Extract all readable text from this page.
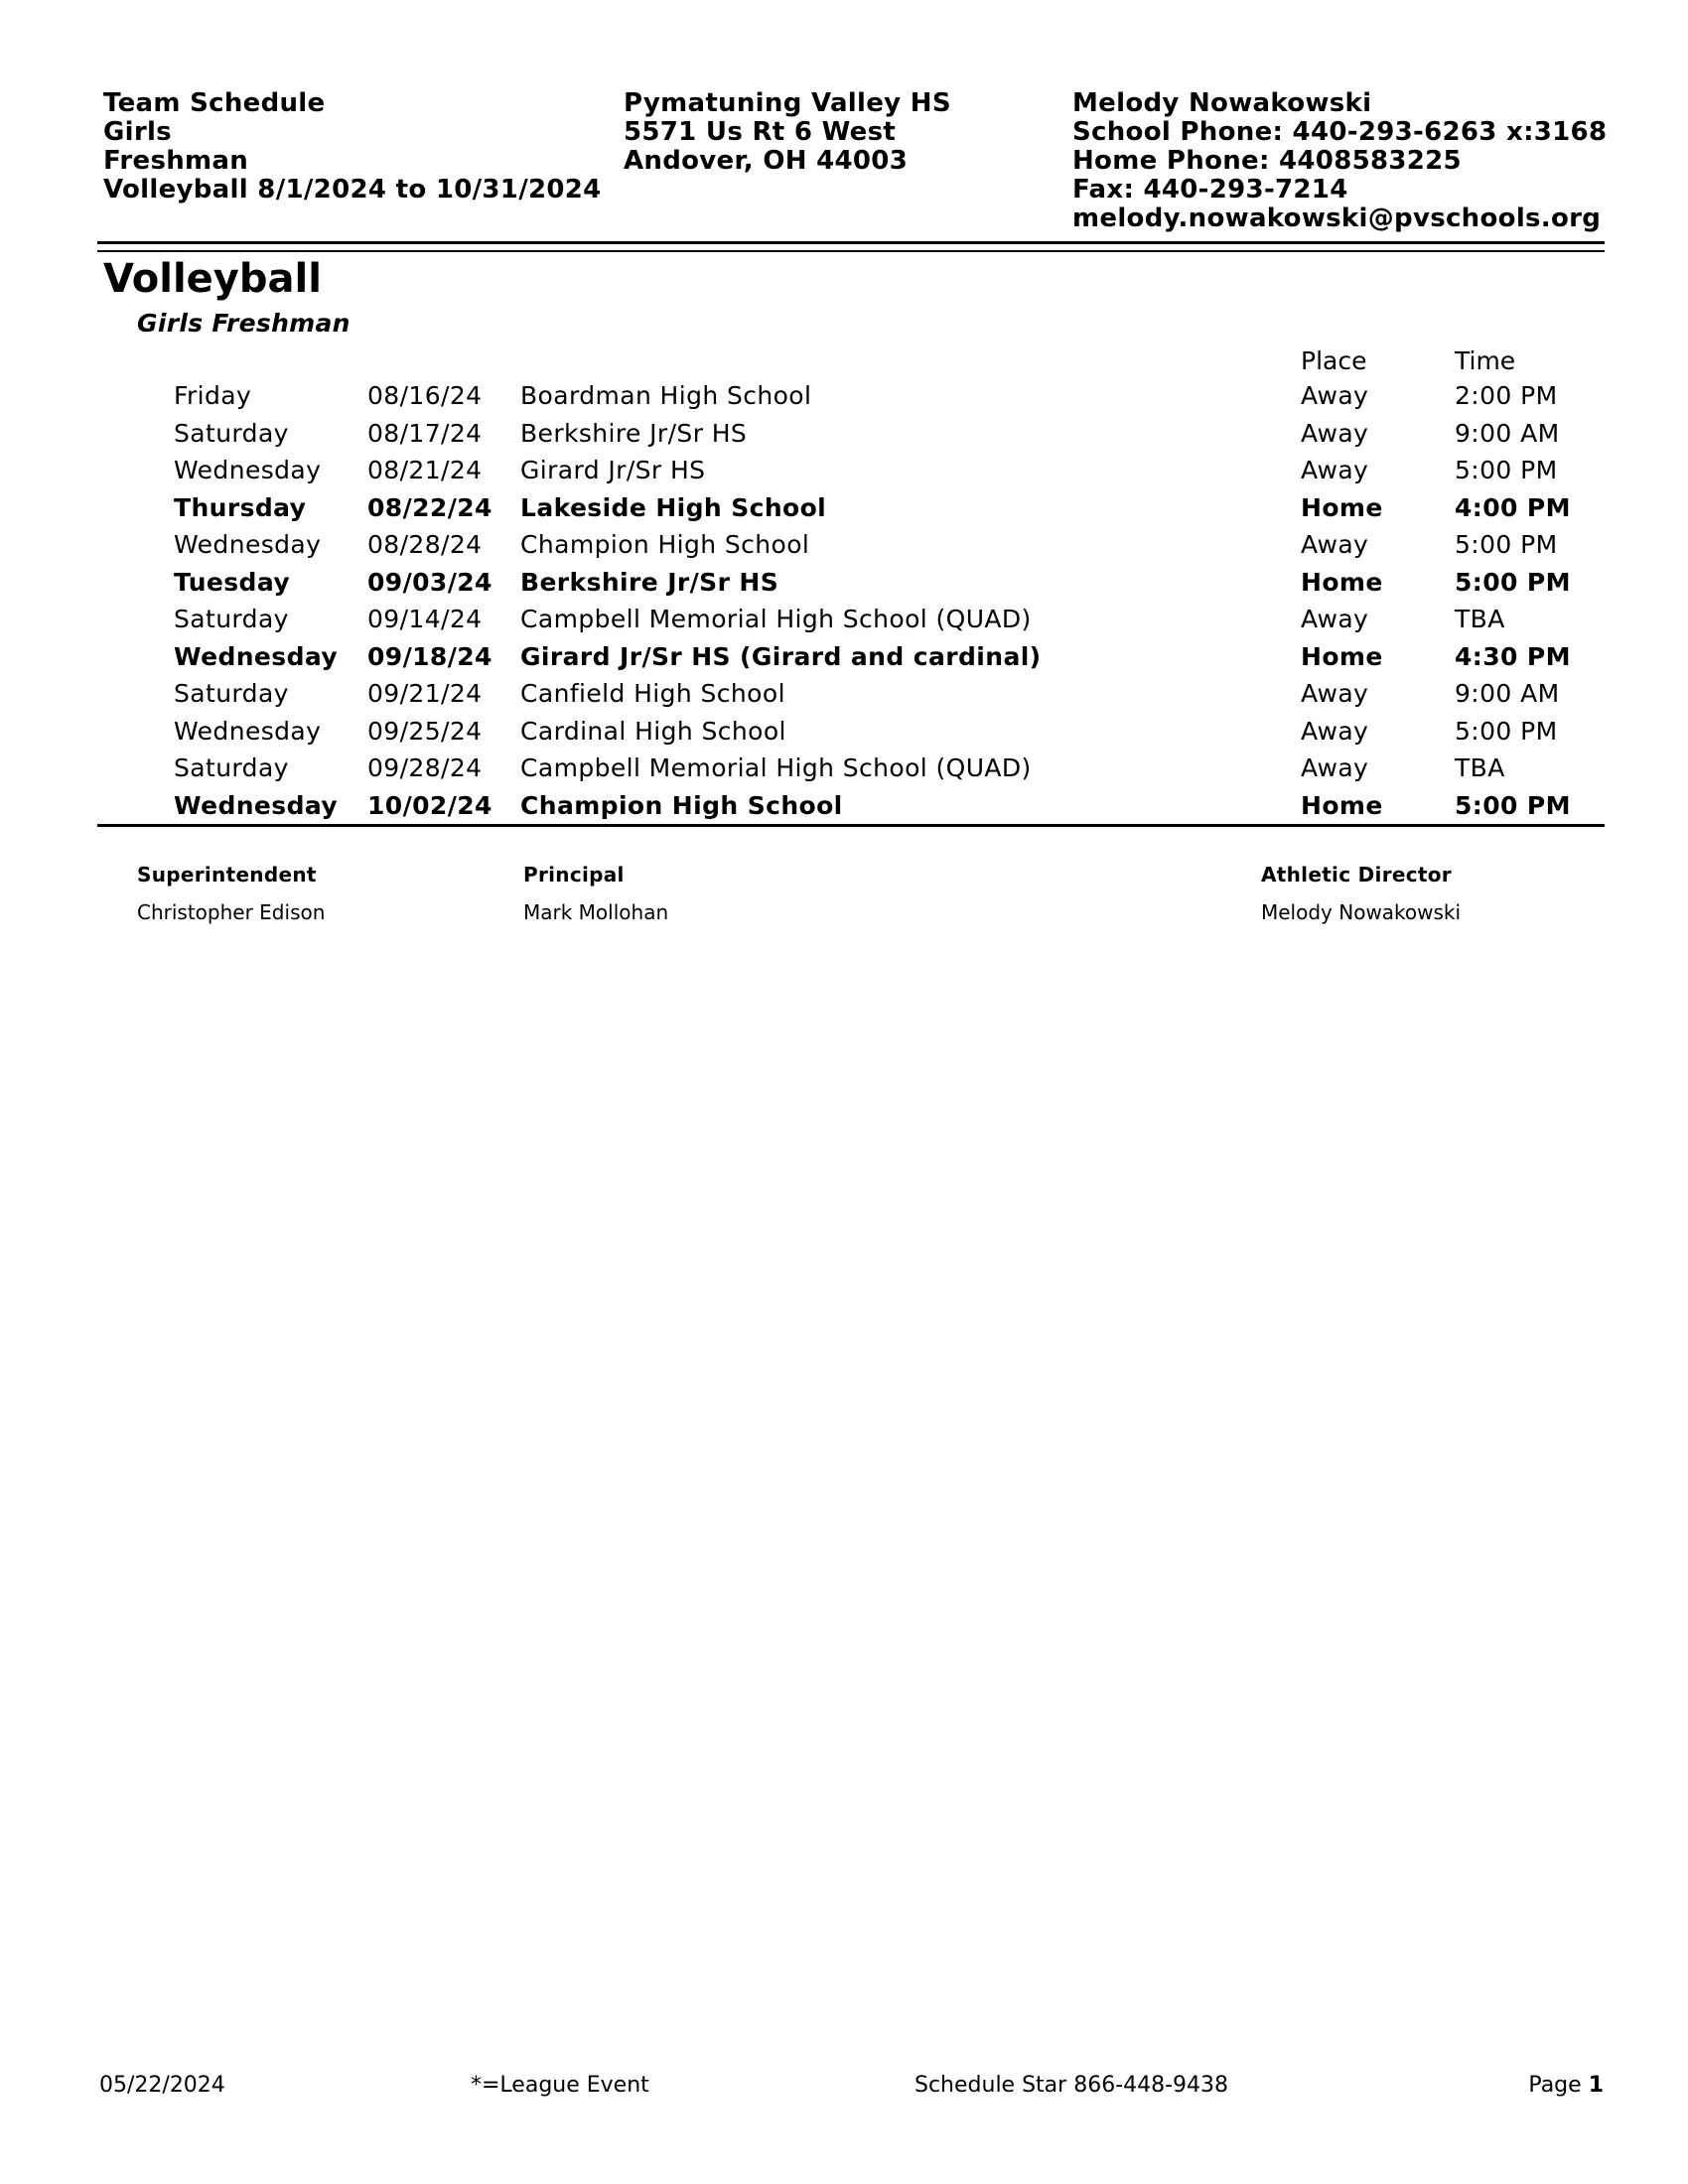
Team Schedule
Girls
Freshman
Volleyball 8/1/2024 to 10/31/2024
Pymatuning Valley HS
5571 Us Rt 6 West
Andover, OH 44003
Melody Nowakowski
School Phone: 440-293-6263 x:3168
Home Phone: 4408583225
Fax: 440-293-7214
melody.nowakowski@pvschools.org
Volleyball
Girls Freshman
Place	Time
Friday	08/16/24 Boardman High School	Away	2:00 PM
Saturday	08/17/24 Berkshire Jr/Sr HS	Away	9:00 AM
Wednesday 08/21/24 Girard Jr/Sr HS	Away	5:00 PM
Thursday 08/22/24 Lakeside High School	Home	4:00 PM
Wednesday 08/28/24 Champion High School	Away	5:00 PM
Tuesday	09/03/24 Berkshire Jr/Sr HS	Home	5:00 PM
Saturday	09/14/24 Campbell Memorial High School (QUAD)	Away	TBA
Wednesday 09/18/24 Girard Jr/Sr HS (Girard and cardinal)	Home	4:30 PM
Saturday	09/21/24 Canfield High School	Away	9:00 AM
Wednesday 09/25/24 Cardinal High School	Away	5:00 PM
Saturday	09/28/24 Campbell Memorial High School (QUAD)	Away	TBA
Wednesday 10/02/24 Champion High School	Home	5:00 PM
Superintendent
Christopher Edison
Principal
Mark Mollohan
Athletic Director
Melody Nowakowski
05/22/2024	*=League Event	Schedule Star 866-448-9438	Page 1
